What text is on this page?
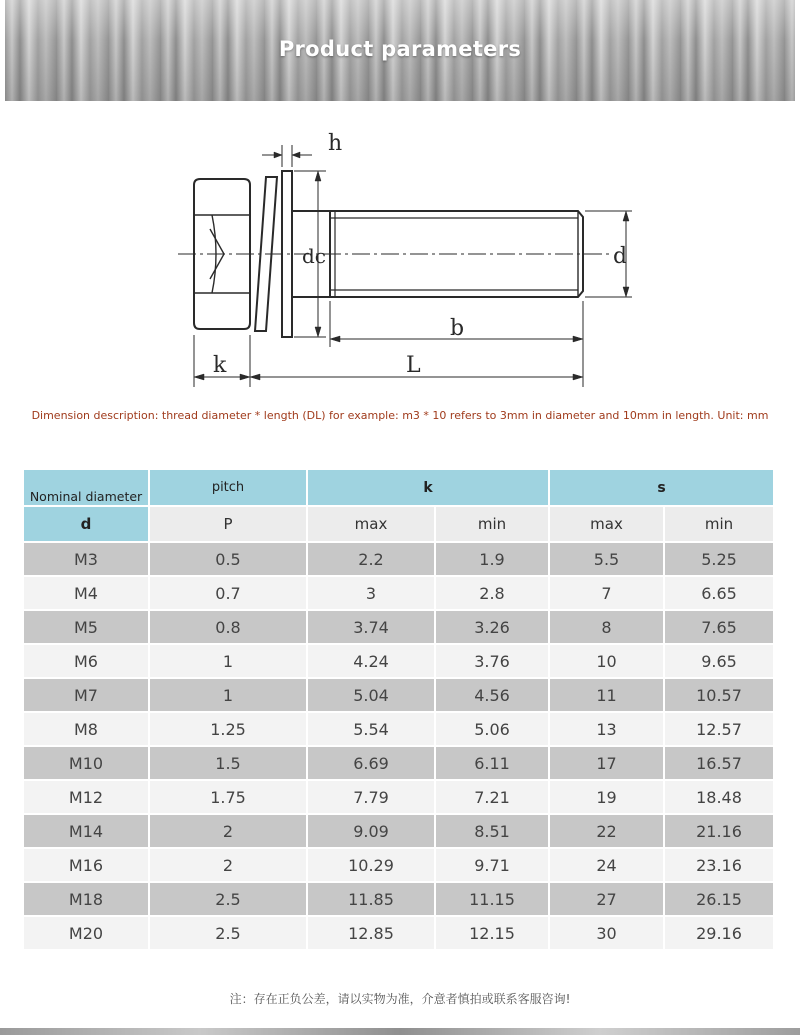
Product parameters
h
dc	d
b
k	L
Dimension description: thread diameter * length (DL) for example: m3 * 10 refers to 3mm in diameter and 10mm in length. Unit: mm
Nominal diameter	pitch	k		s	
d	P	max	min	max	min
M3	0.5	2.2	1.9	5.5	5.25
M4	0.7	3	2.8	7	6.65
M5	0.8	3.74	3.26	8	7.65
M6	1	4.24	3.76	10	9.65
M7	1	5.04	4.56	11	10.57
M8	1.25	5.54	5.06	13	12.57
M10	1.5	6.69	6.11	17	16.57
M12	1.75	7.79	7.21	19	18.48
M14	2	9.09	8.51	22	21.16
M16	2	10.29	9.71	24	23.16
M18	2.5	11.85	11.15	27	26.15
M20	2.5	12.85	12.15	30	29.16
注：存在正负公差，请以实物为准，介意者慎拍或联系客服咨询!
